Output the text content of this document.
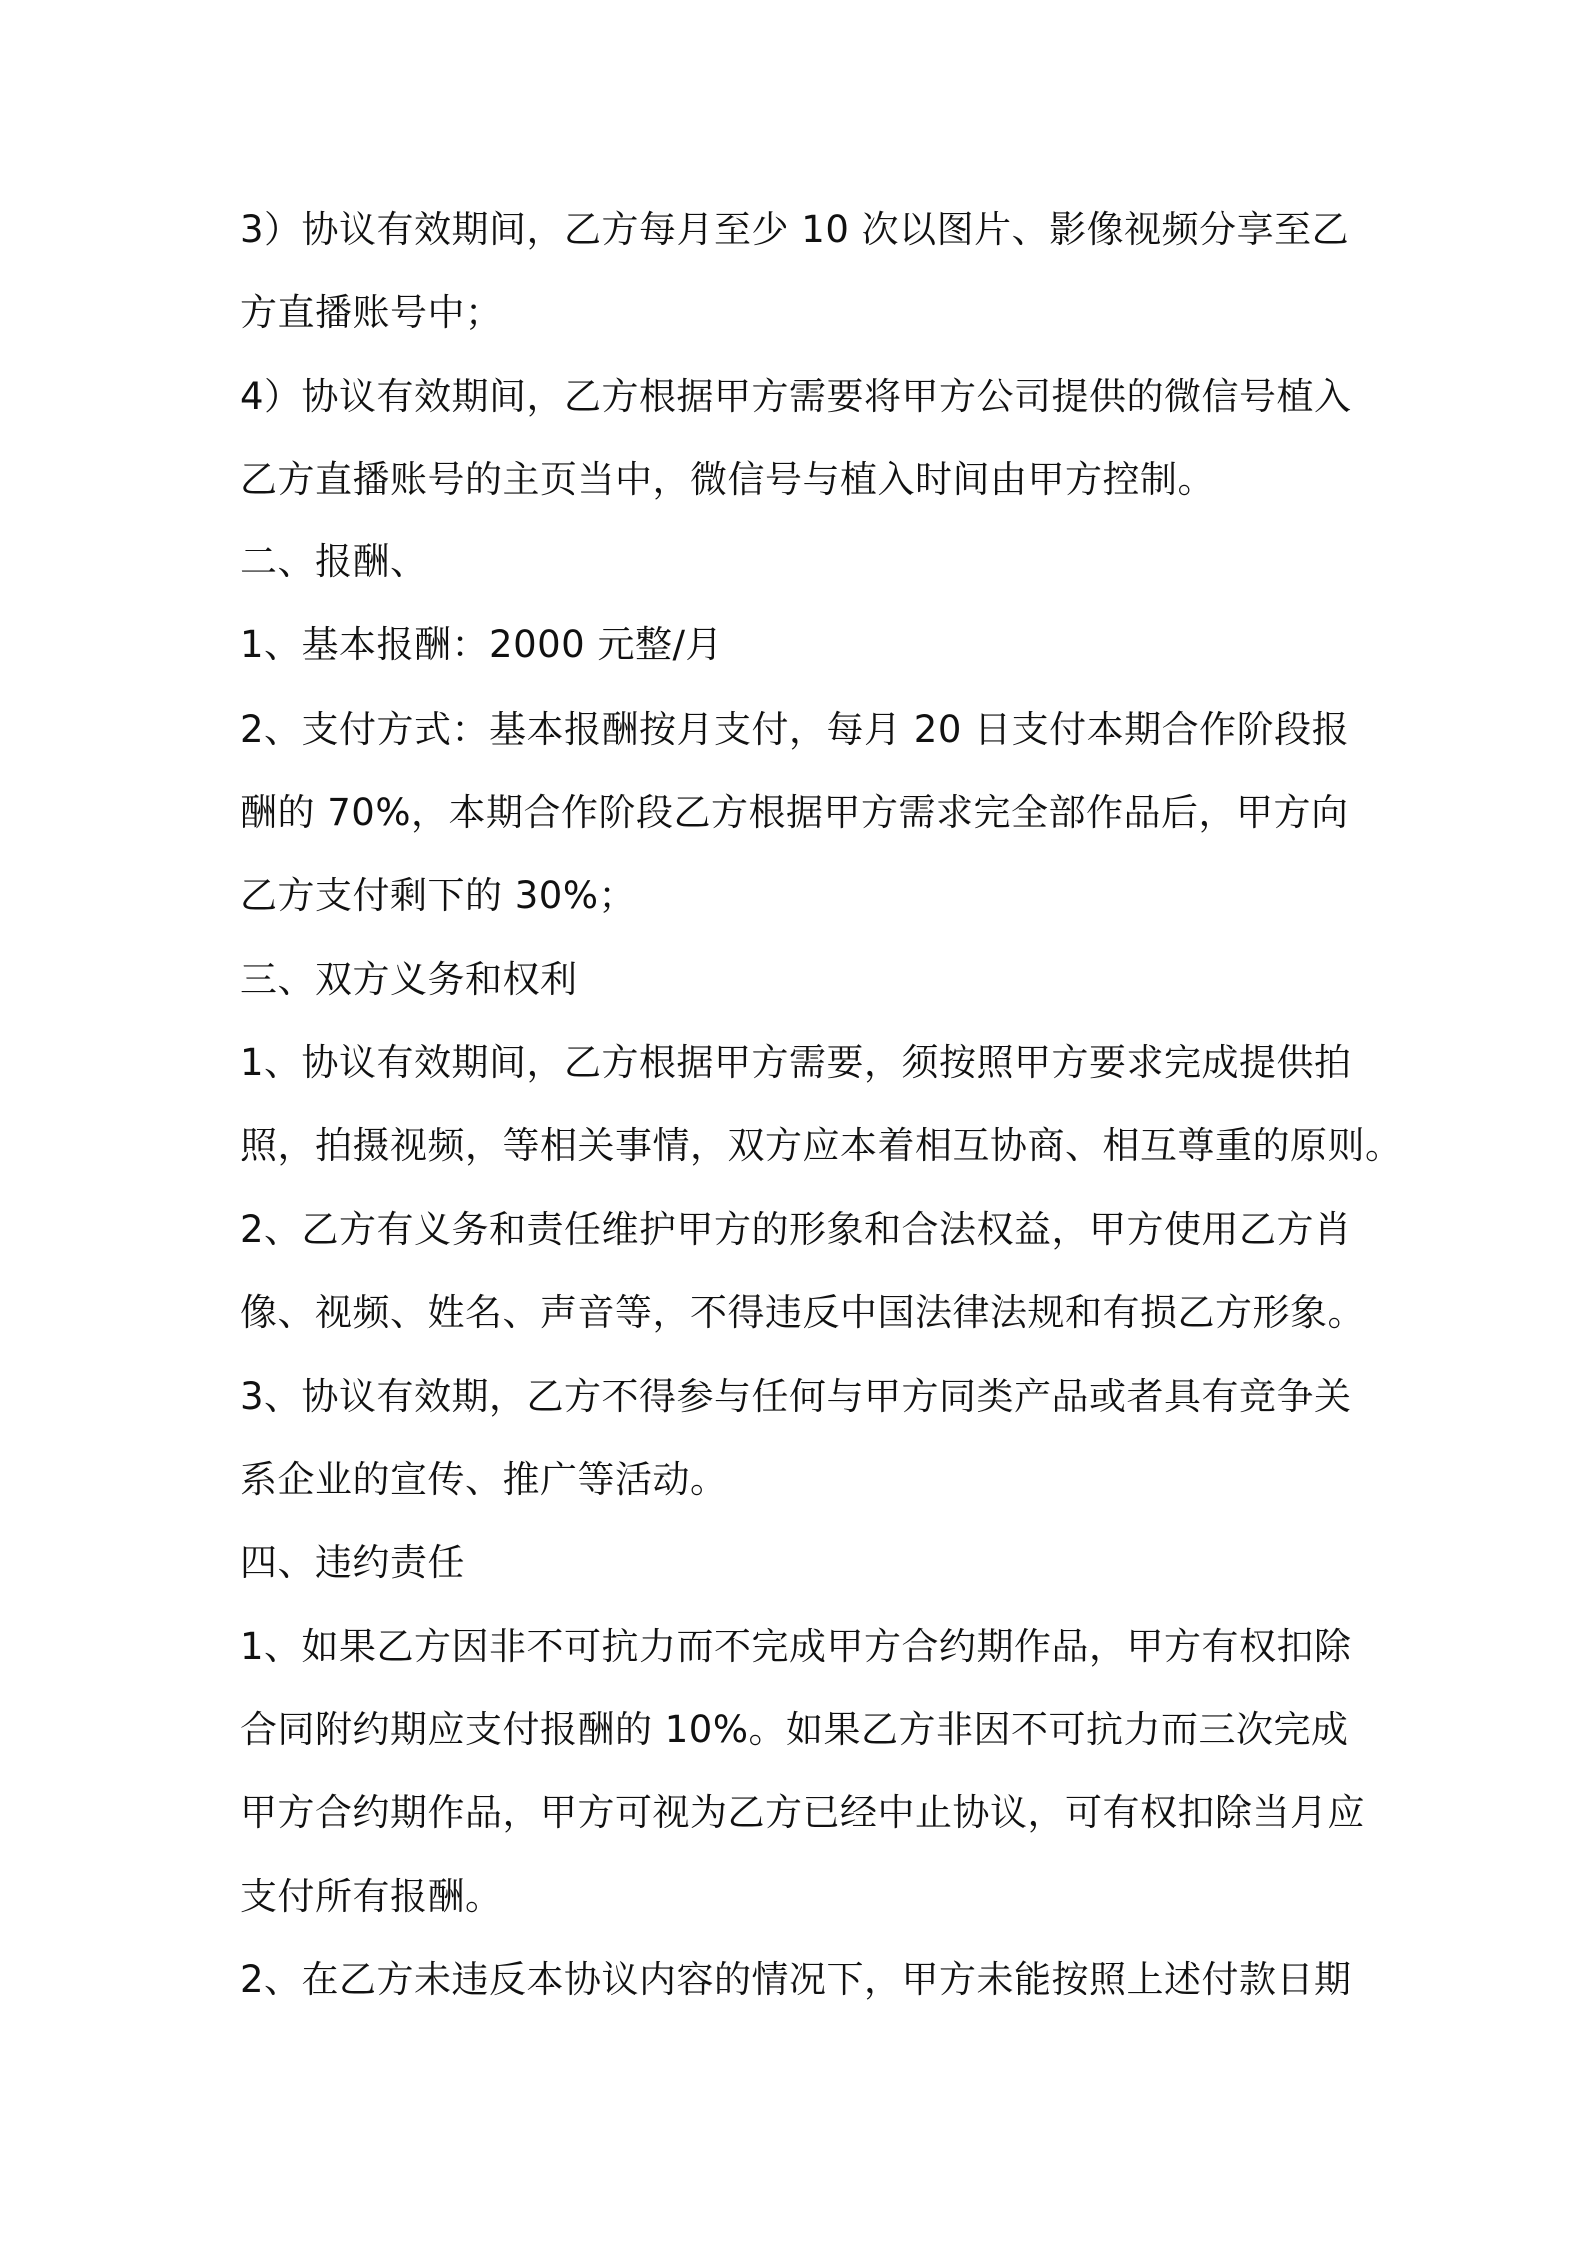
3）协议有效期间，乙方每月至少 10 次以图片、影像视频分享至乙
方直播账号中；
4）协议有效期间，乙方根据甲方需要将甲方公司提供的微信号植入
乙方直播账号的主页当中，微信号与植入时间由甲方控制。
二、报酬、
1、基本报酬：2000 元整/月
2、支付方式：基本报酬按月支付，每月 20 日支付本期合作阶段报
酬的 70%，本期合作阶段乙方根据甲方需求完全部作品后，甲方向
乙方支付剩下的 30%；
三、双方义务和权利
1、协议有效期间，乙方根据甲方需要，须按照甲方要求完成提供拍
照，拍摄视频，等相关事情，双方应本着相互协商、相互尊重的原则。
2、乙方有义务和责任维护甲方的形象和合法权益，甲方使用乙方肖
像、视频、姓名、声音等，不得违反中国法律法规和有损乙方形象。
3、协议有效期，乙方不得参与任何与甲方同类产品或者具有竞争关
系企业的宣传、推广等活动。
四、违约责任
1、如果乙方因非不可抗力而不完成甲方合约期作品，甲方有权扣除
合同附约期应支付报酬的 10%。如果乙方非因不可抗力而三次完成
甲方合约期作品，甲方可视为乙方已经中止协议，可有权扣除当月应
支付所有报酬。
2、在乙方未违反本协议内容的情况下，甲方未能按照上述付款日期
